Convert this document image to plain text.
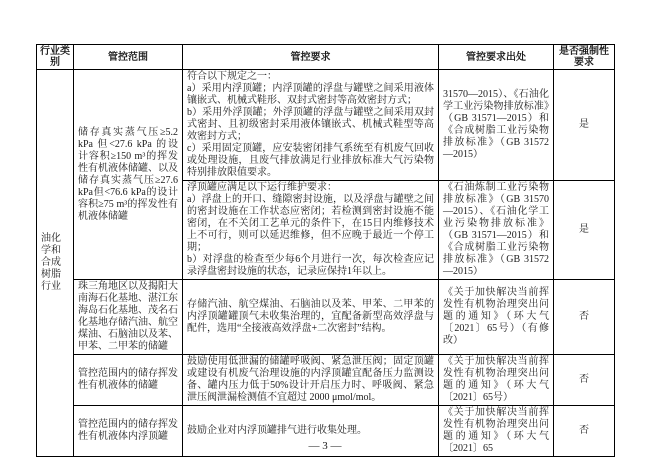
行业类别	管控范围	管控要求	管控要求出处	是否强制性要求
油化学和合成树脂行业	储存真实蒸气压≥5.2 kPa 但<27.6 kPa 的设计容积≥150 m³的挥发性有机液体储罐、以及储存真实蒸气压≥27.6 kPa但<76.6 kPa的设计容积≥75 m³的挥发性有机液体储罐	符合以下规定之一：
a）采用内浮顶罐；内浮顶罐的浮盘与罐壁之间采用液体镶嵌式、机械式鞋形、双封式密封等高效密封方式；
b）采用外浮顶罐；外浮顶罐的浮盘与罐壁之间采用双封式密封、且初级密封采用液体镶嵌式、机械式鞋型等高效密封方式；
c）采用固定顶罐，应安装密闭排气系统至有机废气回收或处理设施，且废气排放满足行业排放标准大气污染物特别排放限值要求。	31570—2015）、《石油化学工业污染物排放标准》（GB 31571—2015）和《合成树脂工业污染物排放标准》（GB 31572—2015）	是
		浮顶罐应满足以下运行维护要求：
a）浮盘上的开口、缝隙密封设施，以及浮盘与罐壁之间的密封设施在工作状态应密闭；若检测到密封设施不能密闭，在不关闭工艺单元的条件下，在15日内维修技术上不可行，则可以延迟维修，但不应晚于最近一个停工期；
b）对浮盘的检查至少每6个月进行一次，每次检查应记录浮盘密封设施的状态，记录应保持1年以上。	《石油炼制工业污染物排放标准》（GB 31570—2015）、《石油化学工业污染物排放标准》（GB 31571—2015）和《合成树脂工业污染物排放标准》（GB 31572—2015）	是
	珠三角地区以及揭阳大南海石化基地、湛江东海岛石化基地、茂名石化基地存储汽油、航空煤油、石脑油以及苯、甲苯、二甲苯的储罐	存储汽油、航空煤油、石脑油以及苯、甲苯、二甲苯的内浮顶罐罐顶气未收集治理的，宜配备新型高效浮盘与配件，选用“全接液高效浮盘+二次密封”结构。	《关于加快解决当前挥发性有机物治理突出问题的通知》（环大气〔2021〕65号）（有修改）	否
	管控范围内的储存挥发性有机液体的储罐	鼓励使用低泄漏的储罐呼吸阀、紧急泄压阀；固定顶罐或建设有机废气治理设施的内浮顶罐宜配备压力监测设备、罐内压力低于50%设计开启压力时、呼吸阀、紧急泄压阀泄漏检测值不宜超过 2000 μmol/mol。	《关于加快解决当前挥发性有机物治理突出问题的通知》（环大气〔2021〕65号）	否
	管控范围内的储存挥发性有机液体内浮顶罐	鼓励企业对内浮顶罐排气进行收集处理。	《关于加快解决当前挥发性有机物治理突出问题的通知》（环大气〔2021〕65	否
— 3 —
